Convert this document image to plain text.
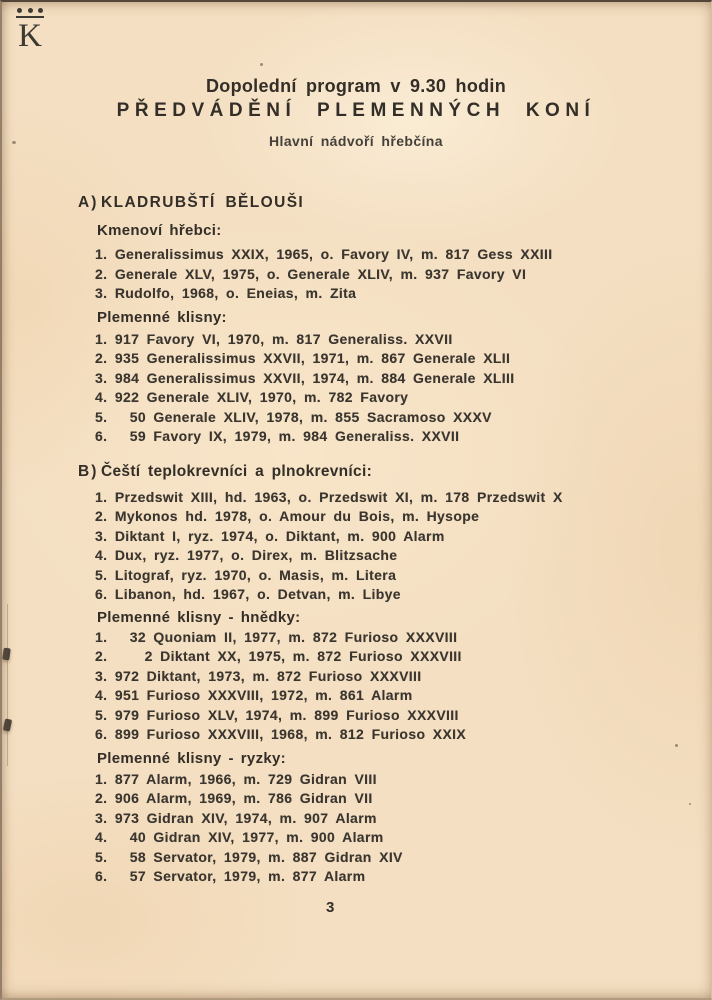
K
Dopolední program v 9.30 hodin
PŘEDVÁDĚNÍ PLEMENNÝCH KONÍ
Hlavní nádvoří hřebčína
A) KLADRUBŠTÍ BĚLOUŠI
Kmenoví hřebci:
1. Generalissimus XXIX, 1965, o. Favory IV, m. 817 Gess XXIII
2. Generale XLV, 1975, o. Generale XLIV, m. 937 Favory VI
3. Rudolfo, 1968, o. Eneias, m. Zita
Plemenné klisny:
1. 917 Favory VI, 1970, m. 817 Generaliss. XXVII
2. 935 Generalissimus XXVII, 1971, m. 867 Generale XLII
3. 984 Generalissimus XXVII, 1974, m. 884 Generale XLIII
4. 922 Generale XLIV, 1970, m. 782 Favory
5.   50 Generale XLIV, 1978, m. 855 Sacramoso XXXV
6.   59 Favory IX, 1979, m. 984 Generaliss. XXVII
B) Čeští teplokrevníci a plnokrevníci:
1. Przedswit XIII, hd. 1963, o. Przedswit XI, m. 178 Przedswit X
2. Mykonos hd. 1978, o. Amour du Bois, m. Hysope
3. Diktant I, ryz. 1974, o. Diktant, m. 900 Alarm
4. Dux, ryz. 1977, o. Direx, m. Blitzsache
5. Litograf, ryz. 1970, o. Masis, m. Litera
6. Libanon, hd. 1967, o. Detvan, m. Libye
Plemenné klisny - hnědky:
1.   32 Quoniam II, 1977, m. 872 Furioso XXXVIII
2.     2 Diktant XX, 1975, m. 872 Furioso XXXVIII
3. 972 Diktant, 1973, m. 872 Furioso XXXVIII
4. 951 Furioso XXXVIII, 1972, m. 861 Alarm
5. 979 Furioso XLV, 1974, m. 899 Furioso XXXVIII
6. 899 Furioso XXXVIII, 1968, m. 812 Furioso XXIX
Plemenné klisny - ryzky:
1. 877 Alarm, 1966, m. 729 Gidran VIII
2. 906 Alarm, 1969, m. 786 Gidran VII
3. 973 Gidran XIV, 1974, m. 907 Alarm
4.   40 Gidran XIV, 1977, m. 900 Alarm
5.   58 Servator, 1979, m. 887 Gidran XIV
6.   57 Servator, 1979, m. 877 Alarm
3
